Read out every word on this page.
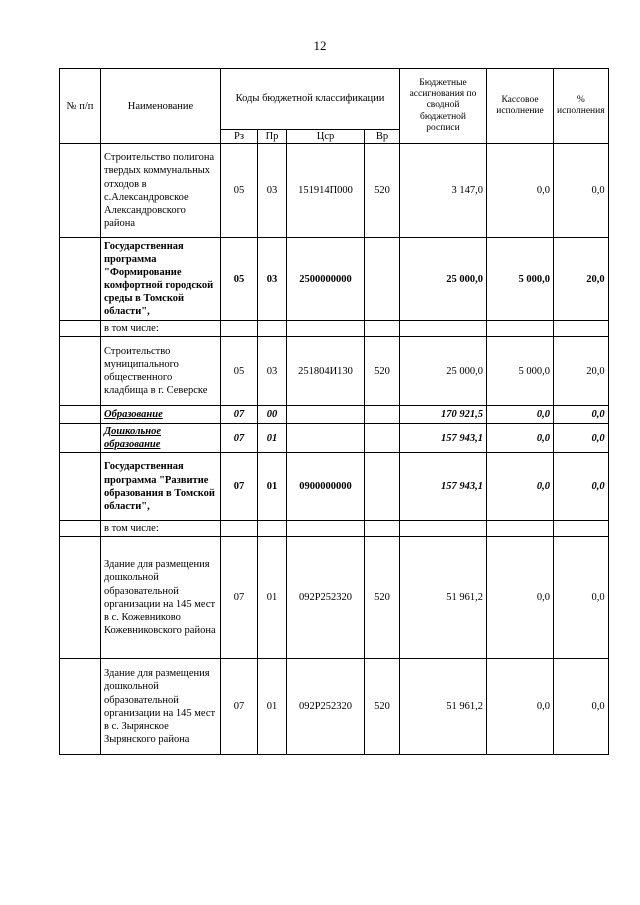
12
№ п/п	Наименование	Коды бюджетной классификации				Бюджетные ассигнования по сводной бюджетной росписи	Кассовое исполнение	% исполнения
		Рз	Пр	Цср	Вр			
	Строительство полигона твердых коммунальных отходов в с.Александровское Александровского района	05	03	151914П000	520	3 147,0	0,0	0,0
	Государственная программа "Формирование комфортной городской среды в Томской области",	05	03	2500000000		25 000,0	5 000,0	20,0
	в том числе:							
	Строительство муниципального общественного кладбища в г. Северске	05	03	251804И130	520	25 000,0	5 000,0	20,0
	Образование	07	00			170 921,5	0,0	0,0
	Дошкольное образование	07	01			157 943,1	0,0	0,0
	Государственная программа "Развитие образования в Томской области",	07	01	0900000000		157 943,1	0,0	0,0
	в том числе:							
	Здание для размещения дошкольной образовательной организации на 145 мест в с. Кожевниково Кожевниковского района	07	01	092P252320	520	51 961,2	0,0	0,0
	Здание для размещения дошкольной образовательной организации на 145 мест в с. Зырянское Зырянского района	07	01	092P252320	520	51 961,2	0,0	0,0
